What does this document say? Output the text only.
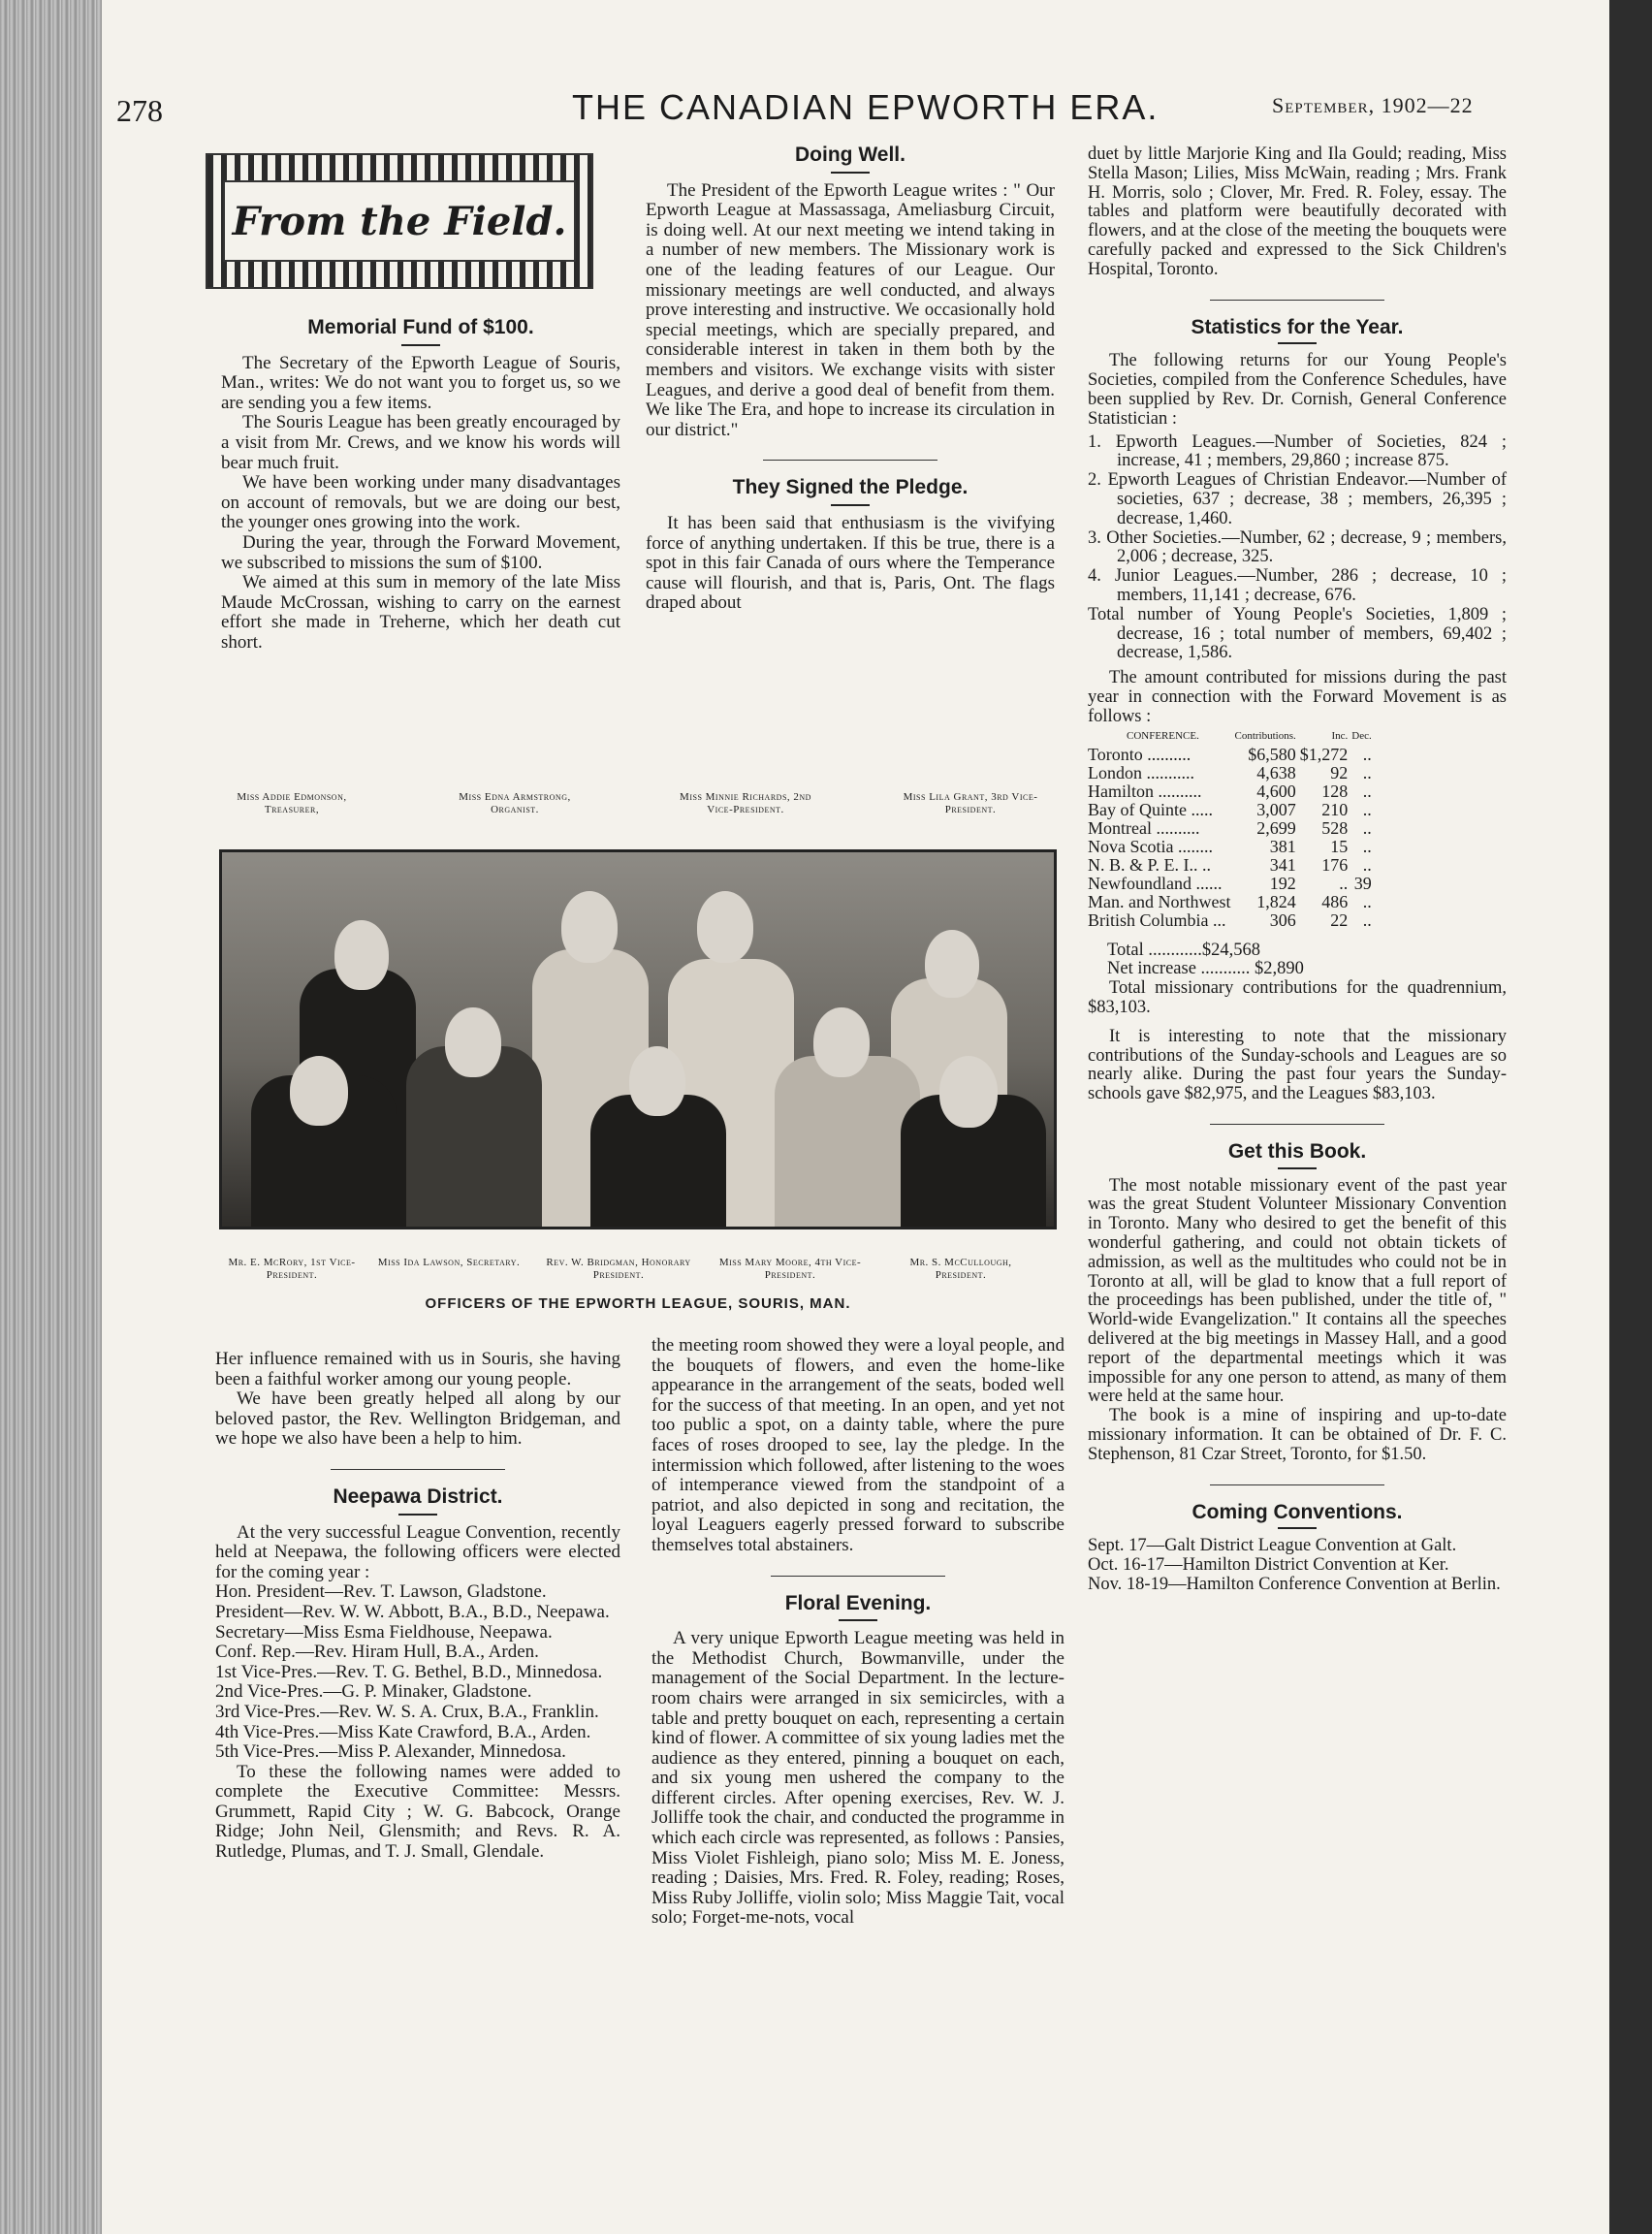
278	THE CANADIAN EPWORTH ERA.	September, 1902—22
From the Field.
Memorial Fund of $100.

The Secretary of the Epworth League of Souris, Man., writes: We do not want you to forget us, so we are sending you a few items.

The Souris League has been greatly encouraged by a visit from Mr. Crews, and we know his words will bear much fruit.

We have been working under many disadvantages on account of removals, but we are doing our best, the younger ones growing into the work.

During the year, through the Forward Movement, we subscribed to missions the sum of $100.

We aimed at this sum in memory of the late Miss Maude McCrossan, wishing to carry on the earnest effort she made in Treherne, which her death cut short.

Doing Well.

The President of the Epworth League writes : " Our Epworth League at Massassaga, Ameliasburg Circuit, is doing well. At our next meeting we intend taking in a number of new members. The Missionary work is one of the leading features of our League. Our missionary meetings are well conducted, and always prove interesting and instructive. We occasionally hold special meetings, which are specially prepared, and considerable interest in taken in them both by the members and visitors. We exchange visits with sister Leagues, and derive a good deal of benefit from them. We like The Era, and hope to increase its circulation in our district."

They Signed the Pledge.

It has been said that enthusiasm is the vivifying force of anything undertaken. If this be true, there is a spot in this fair Canada of ours where the Temperance cause will flourish, and that is, Paris, Ont. The flags draped about

Miss Addie Edmonson, Treasurer,
Miss Edna Armstrong, Organist.
Miss Minnie Richards, 2nd Vice-President.
Miss Lila Grant, 3rd Vice-President.
Mr. E. McRory, 1st Vice-President.
Miss Ida Lawson, Secretary.	Rev. W. Bridgman, Honorary President.
Miss Mary Moore, 4th Vice-President.
Mr. S. McCullough, President.
OFFICERS OF THE EPWORTH LEAGUE, SOURIS, MAN.

Her influence remained with us in Souris, she having been a faithful worker among our young people.

We have been greatly helped all along by our beloved pastor, the Rev. Wellington Bridgeman, and we hope we also have been a help to him.

Neepawa District.

At the very successful League Convention, recently held at Neepawa, the following officers were elected for the coming year :

Hon. President—Rev. T. Lawson, Gladstone.
President—Rev. W. W. Abbott, B.A., B.D., Neepawa.
Secretary—Miss Esma Fieldhouse, Neepawa.
Conf. Rep.—Rev. Hiram Hull, B.A., Arden.
1st Vice-Pres.—Rev. T. G. Bethel, B.D., Minnedosa.
2nd Vice-Pres.—G. P. Minaker, Gladstone.
3rd Vice-Pres.—Rev. W. S. A. Crux, B.A., Franklin.
4th Vice-Pres.—Miss Kate Crawford, B.A., Arden.
5th Vice-Pres.—Miss P. Alexander, Minnedosa.

To these the following names were added to complete the Executive Committee: Messrs. Grummett, Rapid City ; W. G. Babcock, Orange Ridge; John Neil, Glensmith; and Revs. R. A. Rutledge, Plumas, and T. J. Small, Glendale.

the meeting room showed they were a loyal people, and the bouquets of flowers, and even the home-like appearance in the arrangement of the seats, boded well for the success of that meeting. In an open, and yet not too public a spot, on a dainty table, where the pure faces of roses drooped to see, lay the pledge. In the intermission which followed, after listening to the woes of intemperance viewed from the standpoint of a patriot, and also depicted in song and recitation, the loyal Leaguers eagerly pressed forward to subscribe themselves total abstainers.

Floral Evening.

A very unique Epworth League meeting was held in the Methodist Church, Bowmanville, under the management of the Social Department. In the lecture-room chairs were arranged in six semicircles, with a table and pretty bouquet on each, representing a certain kind of flower. A committee of six young ladies met the audience as they entered, pinning a bouquet on each, and six young men ushered the company to the different circles. After opening exercises, Rev. W. J. Jolliffe took the chair, and conducted the programme in which each circle was represented, as follows : Pansies, Miss Violet Fishleigh, piano solo; Miss M. E. Joness, reading ; Daisies, Mrs. Fred. R. Foley, reading; Roses, Miss Ruby Jolliffe, violin solo; Miss Maggie Tait, vocal solo; Forget-me-nots, vocal

duet by little Marjorie King and Ila Gould; reading, Miss Stella Mason; Lilies, Miss McWain, reading ; Mrs. Frank H. Morris, solo ; Clover, Mr. Fred. R. Foley, essay. The tables and platform were beautifully decorated with flowers, and at the close of the meeting the bouquets were carefully packed and expressed to the Sick Children's Hospital, Toronto.

Statistics for the Year.

The following returns for our Young People's Societies, compiled from the Conference Schedules, have been supplied by Rev. Dr. Cornish, General Conference Statistician :

1. Epworth Leagues.—Number of Societies, 824 ; increase, 41 ; members, 29,860 ; increase 875.
2. Epworth Leagues of Christian Endeavor.—Number of societies, 637 ; decrease, 38 ; members, 26,395 ; decrease, 1,460.
3. Other Societies.—Number, 62 ; decrease, 9 ; members, 2,006 ; decrease, 325.
4. Junior Leagues.—Number, 286 ; decrease, 10 ; members, 11,141 ; decrease, 676.
Total number of Young People's Societies, 1,809 ; decrease, 16 ; total number of members, 69,402 ; decrease, 1,586.

The amount contributed for missions during the past year in connection with the Forward Movement is as follows :

CONFERENCE.	Contributions.	Inc.	Dec.
Toronto ..........	$6,580	$1,272	..
London ...........	4,638	92	..
Hamilton ..........	4,600	128	..
Bay of Quinte .....	3,007	210	..
Montreal ..........	2,699	528	..
Nova Scotia ........	381	15	..
N. B. & P. E. I.. ..	341	176	..
Newfoundland ......	192	..	39
Man. and Northwest	1,824	486	..
British Columbia ...	306	22	..

Total ............$24,568

Net increase ........... $2,890

Total missionary contributions for the quadrennium, $83,103.

It is interesting to note that the missionary contributions of the Sunday-schools and Leagues are so nearly alike. During the past four years the Sunday-schools gave $82,975, and the Leagues $83,103.

Get this Book.

The most notable missionary event of the past year was the great Student Volunteer Missionary Convention in Toronto. Many who desired to get the benefit of this wonderful gathering, and could not obtain tickets of admission, as well as the multitudes who could not be in Toronto at all, will be glad to know that a full report of the proceedings has been published, under the title of, " World-wide Evangelization." It contains all the speeches delivered at the big meetings in Massey Hall, and a good report of the departmental meetings which it was impossible for any one person to attend, as many of them were held at the same hour.

The book is a mine of inspiring and up-to-date missionary information. It can be obtained of Dr. F. C. Stephenson, 81 Czar Street, Toronto, for $1.50.

Coming Conventions.
Sept. 17—Galt District League Convention at Galt.
Oct. 16-17—Hamilton District Convention at Ker.
Nov. 18-19—Hamilton Conference Convention at Berlin.
